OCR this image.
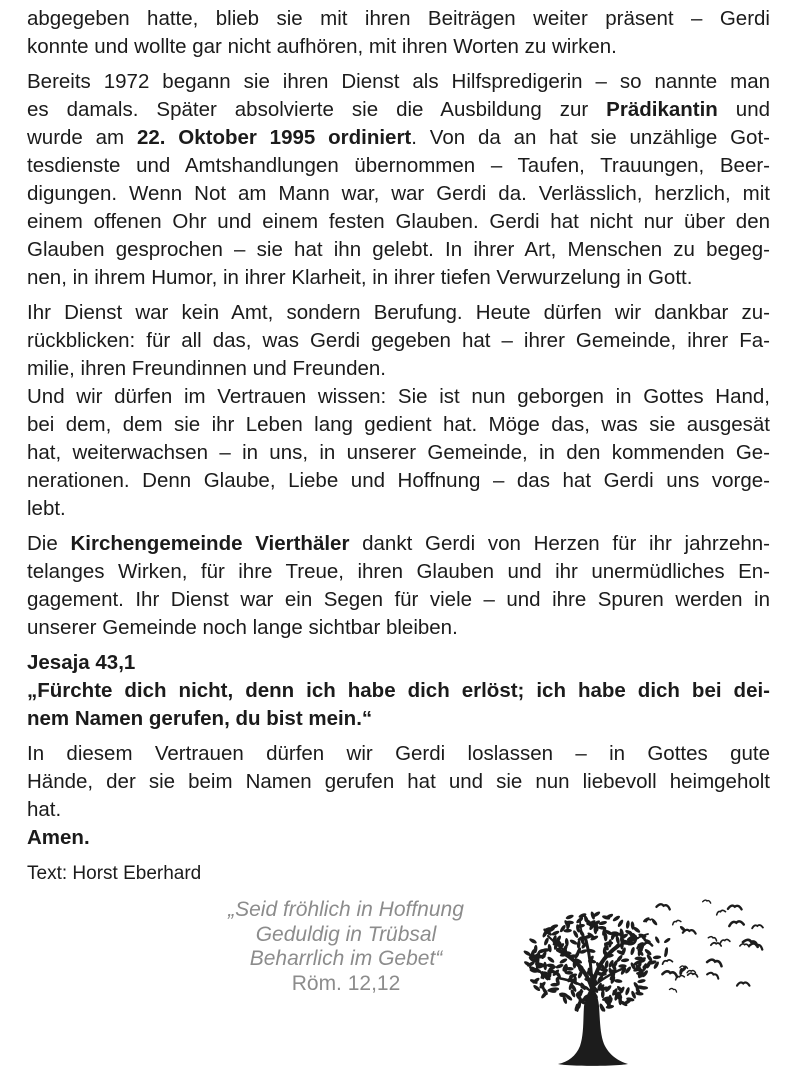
abgegeben hatte, blieb sie mit ihren Beiträgen weiter präsent – Gerdi
konnte und wollte gar nicht aufhören, mit ihren Worten zu wirken.
Bereits 1972 begann sie ihren Dienst als Hilfspredigerin – so nannte man
es damals. Später absolvierte sie die Ausbildung zur Prädikantin und
wurde am 22. Oktober 1995 ordiniert. Von da an hat sie unzählige Got-
tesdienste und Amtshandlungen übernommen – Taufen, Trauungen, Beer-
digungen. Wenn Not am Mann war, war Gerdi da. Verlässlich, herzlich, mit
einem offenen Ohr und einem festen Glauben. Gerdi hat nicht nur über den
Glauben gesprochen – sie hat ihn gelebt. In ihrer Art, Menschen zu begeg-
nen, in ihrem Humor, in ihrer Klarheit, in ihrer tiefen Verwurzelung in Gott.
Ihr Dienst war kein Amt, sondern Berufung. Heute dürfen wir dankbar zu-
rückblicken: für all das, was Gerdi gegeben hat – ihrer Gemeinde, ihrer Fa-
milie, ihren Freundinnen und Freunden.
Und wir dürfen im Vertrauen wissen: Sie ist nun geborgen in Gottes Hand,
bei dem, dem sie ihr Leben lang gedient hat. Möge das, was sie ausgesät
hat, weiterwachsen – in uns, in unserer Gemeinde, in den kommenden Ge-
nerationen. Denn Glaube, Liebe und Hoffnung – das hat Gerdi uns vorge-
lebt.
Die Kirchengemeinde Vierthäler dankt Gerdi von Herzen für ihr jahrzehn-
telanges Wirken, für ihre Treue, ihren Glauben und ihr unermüdliches En-
gagement. Ihr Dienst war ein Segen für viele – und ihre Spuren werden in
unserer Gemeinde noch lange sichtbar bleiben.
Jesaja 43,1
„Fürchte dich nicht, denn ich habe dich erlöst; ich habe dich bei dei-
nem Namen gerufen, du bist mein.“
In diesem Vertrauen dürfen wir Gerdi loslassen – in Gottes gute
Hände, der sie beim Namen gerufen hat und sie nun liebevoll heimgeholt
hat.
Amen.
Text: Horst Eberhard
„Seid fröhlich in Hoffnung
Geduldig in Trübsal
Beharrlich im Gebet“
Röm. 12,12
